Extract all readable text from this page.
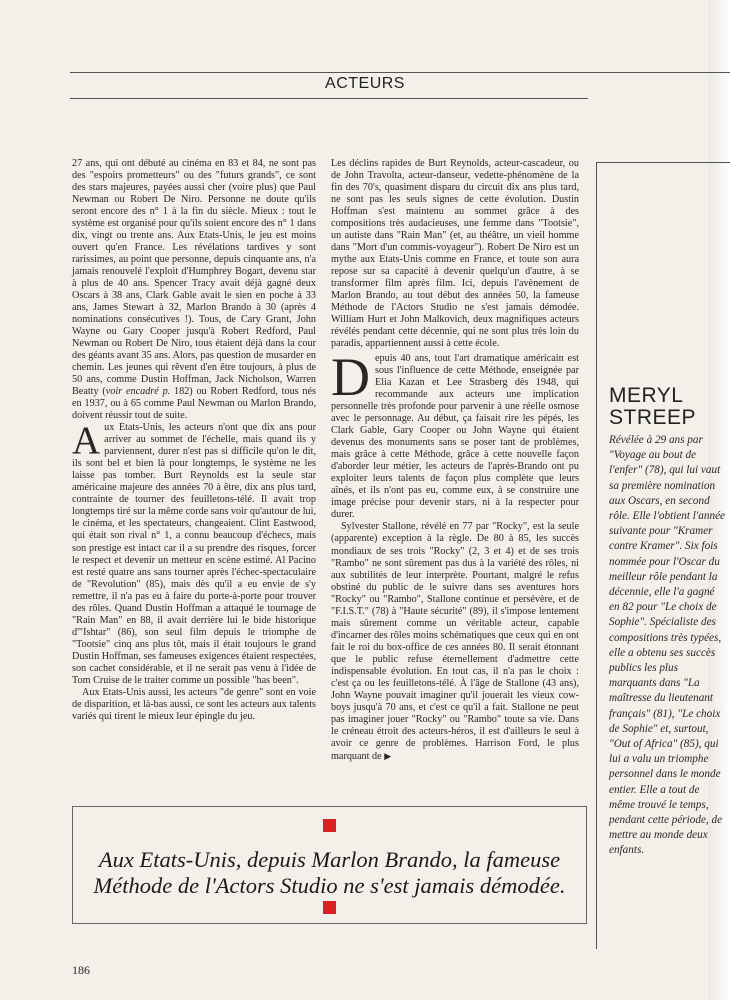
ACTEURS

27 ans, qui ont débuté au cinéma en 83 et 84, ne sont pas des "espoirs prometteurs" ou des "futurs grands", ce sont des stars majeures, payées aussi cher (voire plus) que Paul Newman ou Robert De Niro. Personne ne doute qu'ils seront encore des n° 1 à la fin du siècle. Mieux : tout le système est organisé pour qu'ils soient encore des n° 1 dans dix, vingt ou trente ans. Aux Etats-Unis, le jeu est moins ouvert qu'en France. Les révélations tardives y sont rarissimes, au point que personne, depuis cinquante ans, n'a jamais renouvelé l'exploit d'Humphrey Bogart, devenu star à plus de 40 ans. Spencer Tracy avait déjà gagné deux Oscars à 38 ans, Clark Gable avait le sien en poche à 33 ans, James Stewart à 32, Marlon Brando à 30 (après 4 nominations consécutives !). Tous, de Cary Grant, John Wayne ou Gary Cooper jusqu'à Robert Redford, Paul Newman ou Robert De Niro, tous étaient déjà dans la cour des géants avant 35 ans. Alors, pas question de musarder en chemin. Les jeunes qui rêvent d'en être toujours, à plus de 50 ans, comme Dustin Hoffman, Jack Nicholson, Warren Beatty (voir encadré p. 182) ou Robert Redford, tous nés en 1937, ou à 65 comme Paul Newman ou Marlon Brando, doivent réussir tout de suite.

Aux Etats-Unis, les acteurs n'ont que dix ans pour arriver au sommet de l'échelle, mais quand ils y parviennent, durer n'est pas si difficile qu'on le dit, ils sont bel et bien là pour longtemps, le système ne les laisse pas tomber. Burt Reynolds est la seule star américaine majeure des années 70 à être, dix ans plus tard, contrainte de tourner des feuilletons-télé. Il avait trop longtemps tiré sur la même corde sans voir qu'autour de lui, le cinéma, et les spectateurs, changeaient. Clint Eastwood, qui était son rival n° 1, a connu beaucoup d'échecs, mais son prestige est intact car il a su prendre des risques, forcer le respect et devenir un metteur en scène estimé. Al Pacino est resté quatre ans sans tourner après l'échec-spectaculaire de "Revolution" (85), mais dès qu'il a eu envie de s'y remettre, il n'a pas eu à faire du porte-à-porte pour trouver des rôles. Quand Dustin Hoffman a attaqué le tournage de "Rain Man" en 88, il avait derrière lui le bide historique d'"Ishtar" (86), son seul film depuis le triomphe de "Tootsie" cinq ans plus tôt, mais il était toujours le grand Dustin Hoffman, ses fameuses exigences étaient respectées, son cachet considérable, et il ne serait pas venu à l'idée de Tom Cruise de le traiter comme un possible "has been".

Aux Etats-Unis aussi, les acteurs "de genre" sont en voie de disparition, et là-bas aussi, ce sont les acteurs aux talents variés qui tirent le mieux leur épingle du jeu.

Les déclins rapides de Burt Reynolds, acteur-cascadeur, ou de John Travolta, acteur-danseur, vedette-phénomène de la fin des 70's, quasiment disparu du circuit dix ans plus tard, ne sont pas les seuls signes de cette évolution. Dustin Hoffman s'est maintenu au sommet grâce à des compositions très audacieuses, une femme dans "Tootsie", un autiste dans "Rain Man" (et, au théâtre, un vieil homme dans "Mort d'un commis-voyageur"). Robert De Niro est un mythe aux Etats-Unis comme en France, et toute son aura repose sur sa capacité à devenir quelqu'un d'autre, à se transformer film après film. Ici, depuis l'avènement de Marlon Brando, au tout début des années 50, la fameuse Méthode de l'Actors Studio ne s'est jamais démodée. William Hurt et John Malkovich, deux magnifiques acteurs révélés pendant cette décennie, qui ne sont plus très loin du paradis, appartiennent aussi à cette école.

Depuis 40 ans, tout l'art dramatique américain est sous l'influence de cette Méthode, enseignée par Elia Kazan et Lee Strasberg dès 1948, qui recommande aux acteurs une implication personnelle très profonde pour parvenir à une réelle osmose avec le personnage. Au début, ça faisait rire les pépés, les Clark Gable, Gary Cooper ou John Wayne qui étaient devenus des monuments sans se poser tant de problèmes, mais grâce à cette Méthode, grâce à cette nouvelle façon d'aborder leur métier, les acteurs de l'après-Brando ont pu exploiter leurs talents de façon plus complète que leurs aînés, et ils n'ont pas eu, comme eux, à se construire une image précise pour devenir stars, ni à la respecter pour durer.

Sylvester Stallone, révélé en 77 par "Rocky", est la seule (apparente) exception à la règle. De 80 à 85, les succès mondiaux de ses trois "Rocky" (2, 3 et 4) et de ses trois "Rambo" ne sont sûrement pas dus à la variété des rôles, ni aux subtilités de leur interprète. Pourtant, malgré le refus obstiné du public de le suivre dans ses aventures hors "Rocky" ou "Rambo", Stallone continue et persévère, et de "F.I.S.T." (78) à "Haute sécurité" (89), il s'impose lentement mais sûrement comme un véritable acteur, capable d'incarner des rôles moins schématiques que ceux qui en ont fait le roi du box-office de ces années 80. Il serait étonnant que le public refuse éternellement d'admettre cette indispensable évolution. En tout cas, il n'a pas le choix : c'est ça ou les feuilletons-télé. À l'âge de Stallone (43 ans), John Wayne pouvait imaginer qu'il jouerait les vieux cow-boys jusqu'à 70 ans, et c'est ce qu'il a fait. Stallone ne peut pas imaginer jouer "Rocky" ou "Rambo" toute sa vie. Dans le créneau étroit des acteurs-héros, il est d'ailleurs le seul à avoir ce genre de problèmes. Harrison Ford, le plus marquant de ▶

MERYL STREEP
Révélée à 29 ans par "Voyage au bout de l'enfer" (78), qui lui vaut sa première nomination aux Oscars, en second rôle. Elle l'obtient l'année suivante pour "Kramer contre Kramer". Six fois nommée pour l'Oscar du meilleur rôle pendant la décennie, elle l'a gagné en 82 pour "Le choix de Sophie". Spécialiste des compositions très typées, elle a obtenu ses succès publics les plus marquants dans "La maîtresse du lieutenant français" (81), "Le choix de Sophie" et, surtout, "Out of Africa" (85), qui lui a valu un triomphe personnel dans le monde entier. Elle a tout de même trouvé le temps, pendant cette période, de mettre au monde deux enfants.
Aux Etats-Unis, depuis Marlon Brando, la fameuse
Méthode de l'Actors Studio ne s'est jamais démodée.
186
